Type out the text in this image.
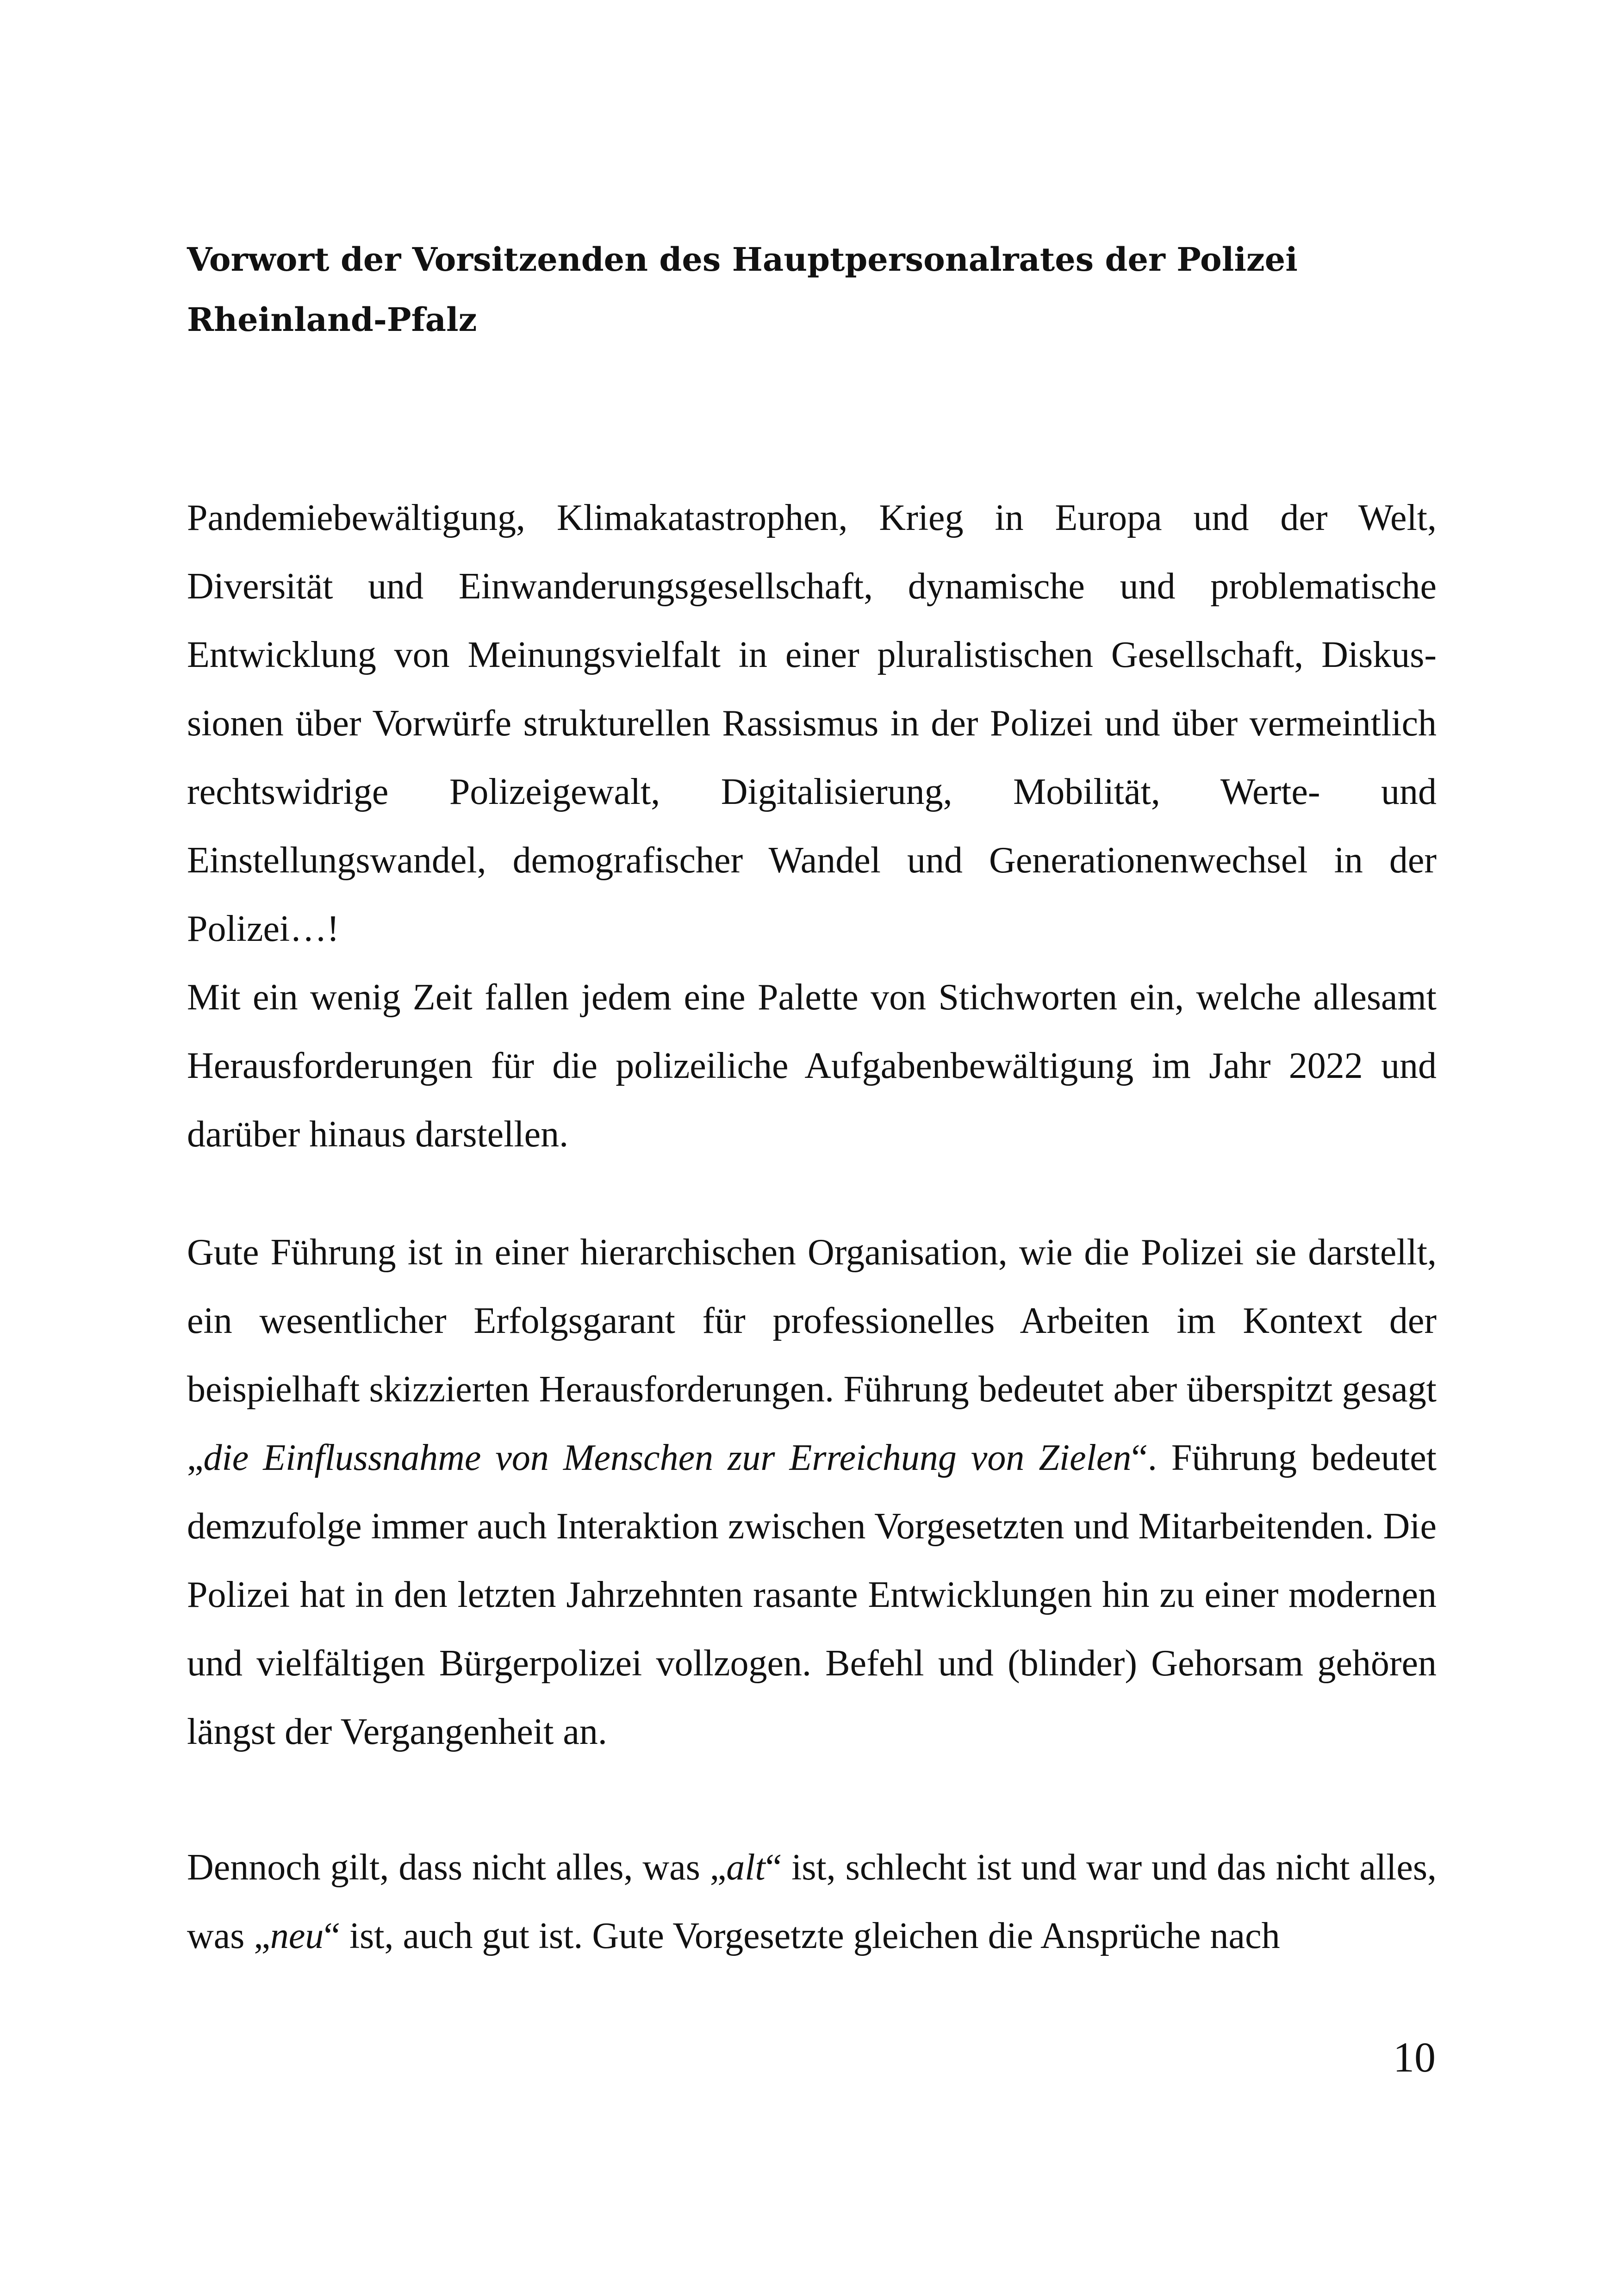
Vorwort der Vorsitzenden des Hauptpersonalrates der Polizei
Rheinland-Pfalz

Pandemiebewältigung, Klimakatastrophen, Krieg in Europa und der Welt, Diversität und Einwanderungsgesellschaft, dynamische und problematische Entwicklung von Meinungsvielfalt in einer pluralistischen Gesellschaft, Diskussionen über Vorwürfe strukturellen Rassismus in der Polizei und über vermeintlich rechtswidrige Polizeigewalt, Digitalisierung, Mobilität, Werte- und Einstellungswandel, demografischer Wandel und Generationenwechsel in der Polizei…!
Mit ein wenig Zeit fallen jedem eine Palette von Stichworten ein, welche allesamt Herausforderungen für die polizeiliche Aufgabenbewältigung im Jahr 2022 und darüber hinaus darstellen.

Gute Führung ist in einer hierarchischen Organisation, wie die Polizei sie darstellt, ein wesentlicher Erfolgsgarant für professionelles Arbeiten im Kontext der beispielhaft skizzierten Herausforderungen. Führung bedeutet aber überspitzt gesagt „die Einflussnahme von Menschen zur Erreichung von Zielen“. Führung bedeutet demzufolge immer auch Interaktion zwischen Vorgesetzten und Mitarbeitenden. Die Polizei hat in den letzten Jahrzehnten rasante Entwicklungen hin zu einer modernen und vielfältigen Bürgerpolizei vollzogen. Befehl und (blinder) Gehorsam gehören längst der Vergangenheit an.

Dennoch gilt, dass nicht alles, was „alt“ ist, schlecht ist und war und das nicht alles, was „neu“ ist, auch gut ist. Gute Vorgesetzte gleichen die Ansprüche nach

10
